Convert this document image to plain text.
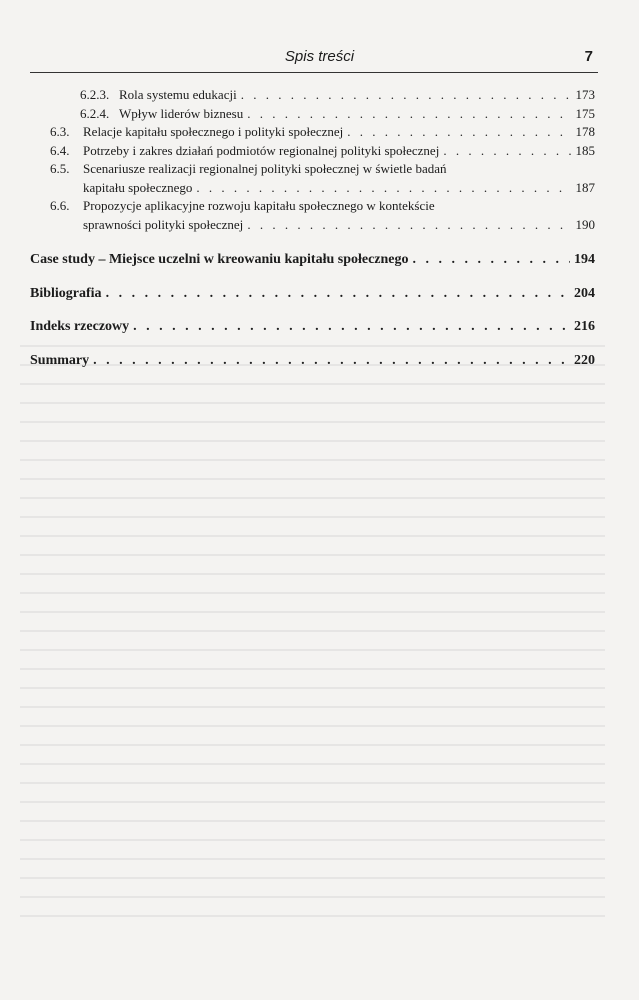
Spis treści	7
6.2.3. Rola systemu edukacji . . .	173
6.2.4. Wpływ liderów biznesu . . .	175
6.3.	Relacje kapitału społecznego i polityki społecznej . . .	178
6.4.	Potrzeby i zakres działań podmiotów regionalnej polityki społecznej . . .	185
6.5.	Scenariusze realizacji regionalnej polityki społecznej w świetle badań
kapitału społecznego . . .	187
6.6.	Propozycje aplikacyjne rozwoju kapitału społecznego w kontekście
sprawności polityki społecznej . . .	190
Case study – Miejsce uczelni w kreowaniu kapitału społecznego . . .	194
Bibliografia . . .	204
Indeks rzeczowy . . .	216
Summary . . .	220
